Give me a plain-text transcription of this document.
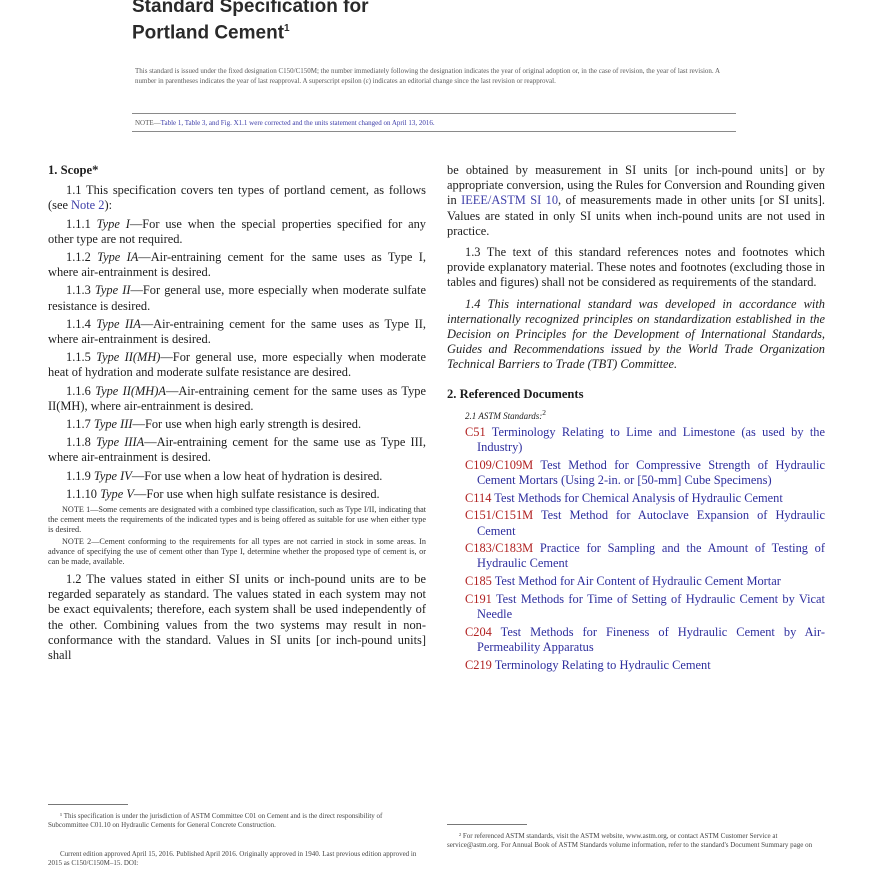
Standard Specification for
Portland Cement$^1$
This standard is issued under the fixed designation C150/C150M; the number immediately following the designation indicates the year of original adoption or, in the case of revision, the year of last revision. A number in parentheses indicates the year of last reapproval. A superscript epsilon (ε) indicates an editorial change since the last revision or reapproval.
NOTE—Table 1, Table 3, and Fig. X1.1 were corrected and the units statement changed on April 13, 2016.

1. Scope*

1.1 This specification covers ten types of portland cement, as follows (see Note 2):

1.1.1 Type I—For use when the special properties specified for any other type are not required.

1.1.2 Type IA—Air-entraining cement for the same uses as Type I, where air-entrainment is desired.

1.1.3 Type II—For general use, more especially when moderate sulfate resistance is desired.

1.1.4 Type IIA—Air-entraining cement for the same uses as Type II, where air-entrainment is desired.

1.1.5 Type II(MH)—For general use, more especially when moderate heat of hydration and moderate sulfate resistance are desired.

1.1.6 Type II(MH)A—Air-entraining cement for the same uses as Type II(MH), where air-entrainment is desired.

1.1.7 Type III—For use when high early strength is desired.

1.1.8 Type IIIA—Air-entraining cement for the same use as Type III, where air-entrainment is desired.

1.1.9 Type IV—For use when a low heat of hydration is desired.

1.1.10 Type V—For use when high sulfate resistance is desired.

NOTE 1—Some cements are designated with a combined type classification, such as Type I/II, indicating that the cement meets the requirements of the indicated types and is being offered as suitable for use when either type is desired.

NOTE 2—Cement conforming to the requirements for all types are not carried in stock in some areas. In advance of specifying the use of cement other than Type I, determine whether the proposed type of cement is, or can be made, available.

1.2 The values stated in either SI units or inch-pound units are to be regarded separately as standard. The values stated in each system may not be exact equivalents; therefore, each system shall be used independently of the other. Combining values from the two systems may result in non-conformance with the standard. Values in SI units [or inch-pound units] shall

be obtained by measurement in SI units [or inch-pound units] or by appropriate conversion, using the Rules for Conversion and Rounding given in IEEE/ASTM SI 10, of measurements made in other units [or SI units]. Values are stated in only SI units when inch-pound units are not used in practice.

1.3 The text of this standard references notes and footnotes which provide explanatory material. These notes and footnotes (excluding those in tables and figures) shall not be considered as requirements of the standard.

1.4 This international standard was developed in accordance with internationally recognized principles on standardization established in the Decision on Principles for the Development of International Standards, Guides and Recommendations issued by the World Trade Organization Technical Barriers to Trade (TBT) Committee.

2. Referenced Documents

2.1 ASTM Standards:$^2$

C51 Terminology Relating to Lime and Limestone (as used by the Industry)

C109/C109M Test Method for Compressive Strength of Hydraulic Cement Mortars (Using 2-in. or [50-mm] Cube Specimens)

C114 Test Methods for Chemical Analysis of Hydraulic Cement

C151/C151M Test Method for Autoclave Expansion of Hydraulic Cement

C183/C183M Practice for Sampling and the Amount of Testing of Hydraulic Cement

C185 Test Method for Air Content of Hydraulic Cement Mortar

C191 Test Methods for Time of Setting of Hydraulic Cement by Vicat Needle

C204 Test Methods for Fineness of Hydraulic Cement by Air-Permeability Apparatus

C219 Terminology Relating to Hydraulic Cement

¹ This specification is under the jurisdiction of ASTM Committee C01 on Cement and is the direct responsibility of Subcommittee C01.10 on Hydraulic Cements for General Concrete Construction.
Current edition approved April 15, 2016. Published April 2016. Originally approved in 1940. Last previous edition approved in 2015 as C150/C150M–15. DOI:
² For referenced ASTM standards, visit the ASTM website, www.astm.org, or contact ASTM Customer Service at service@astm.org. For Annual Book of ASTM Standards volume information, refer to the standard's Document Summary page on
